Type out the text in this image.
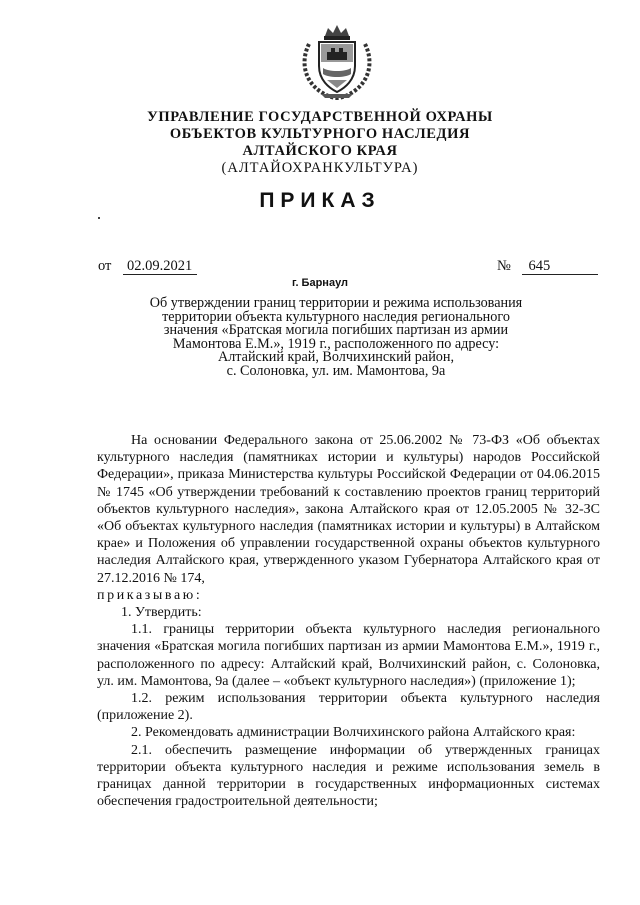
УПРАВЛЕНИЕ ГОСУДАРСТВЕННОЙ ОХРАНЫ
ОБЪЕКТОВ КУЛЬТУРНОГО НАСЛЕДИЯ
АЛТАЙСКОГО КРАЯ
(АЛТАЙОХРАНКУЛЬТУРА)
ПРИКАЗ
от 02.09.2021	№ 645
г. Барнаул
Об утверждении границ территории и режима использования
территории объекта культурного наследия регионального
значения «Братская могила погибших партизан из армии
Мамонтова Е.М.», 1919 г., расположенного по адресу:
Алтайский край, Волчихинский район,
с. Солоновка, ул. им. Мамонтова, 9а

На основании Федерального закона от 25.06.2002 № 73-ФЗ «Об объектах культурного наследия (памятниках истории и культуры) народов Российской Федерации», приказа Министерства культуры Российской Федерации от 04.06.2015 № 1745 «Об утверждении требований к составлению проектов границ территорий объектов культурного наследия», закона Алтайского края от 12.05.2005 № 32-ЗС «Об объектах культурного наследия (памятниках истории и культуры) в Алтайском крае» и Положения об управлении государственной охраны объектов культурного наследия Алтайского края, утвержденного указом Губернатора Алтайского края от 27.12.2016 № 174,

приказываю:

1. Утвердить:

1.1. границы территории объекта культурного наследия регионального значения «Братская могила погибших партизан из армии Мамонтова Е.М.», 1919 г., расположенного по адресу: Алтайский край, Волчихинский район, с. Солоновка, ул. им. Мамонтова, 9а (далее – «объект культурного наследия») (приложение 1);

1.2. режим использования территории объекта культурного наследия (приложение 2).

2. Рекомендовать администрации Волчихинского района Алтайского края:

2.1. обеспечить размещение информации об утвержденных границах территории объекта культурного наследия и режиме использования земель в границах данной территории в государственных информационных системах обеспечения градостроительной деятельности;
